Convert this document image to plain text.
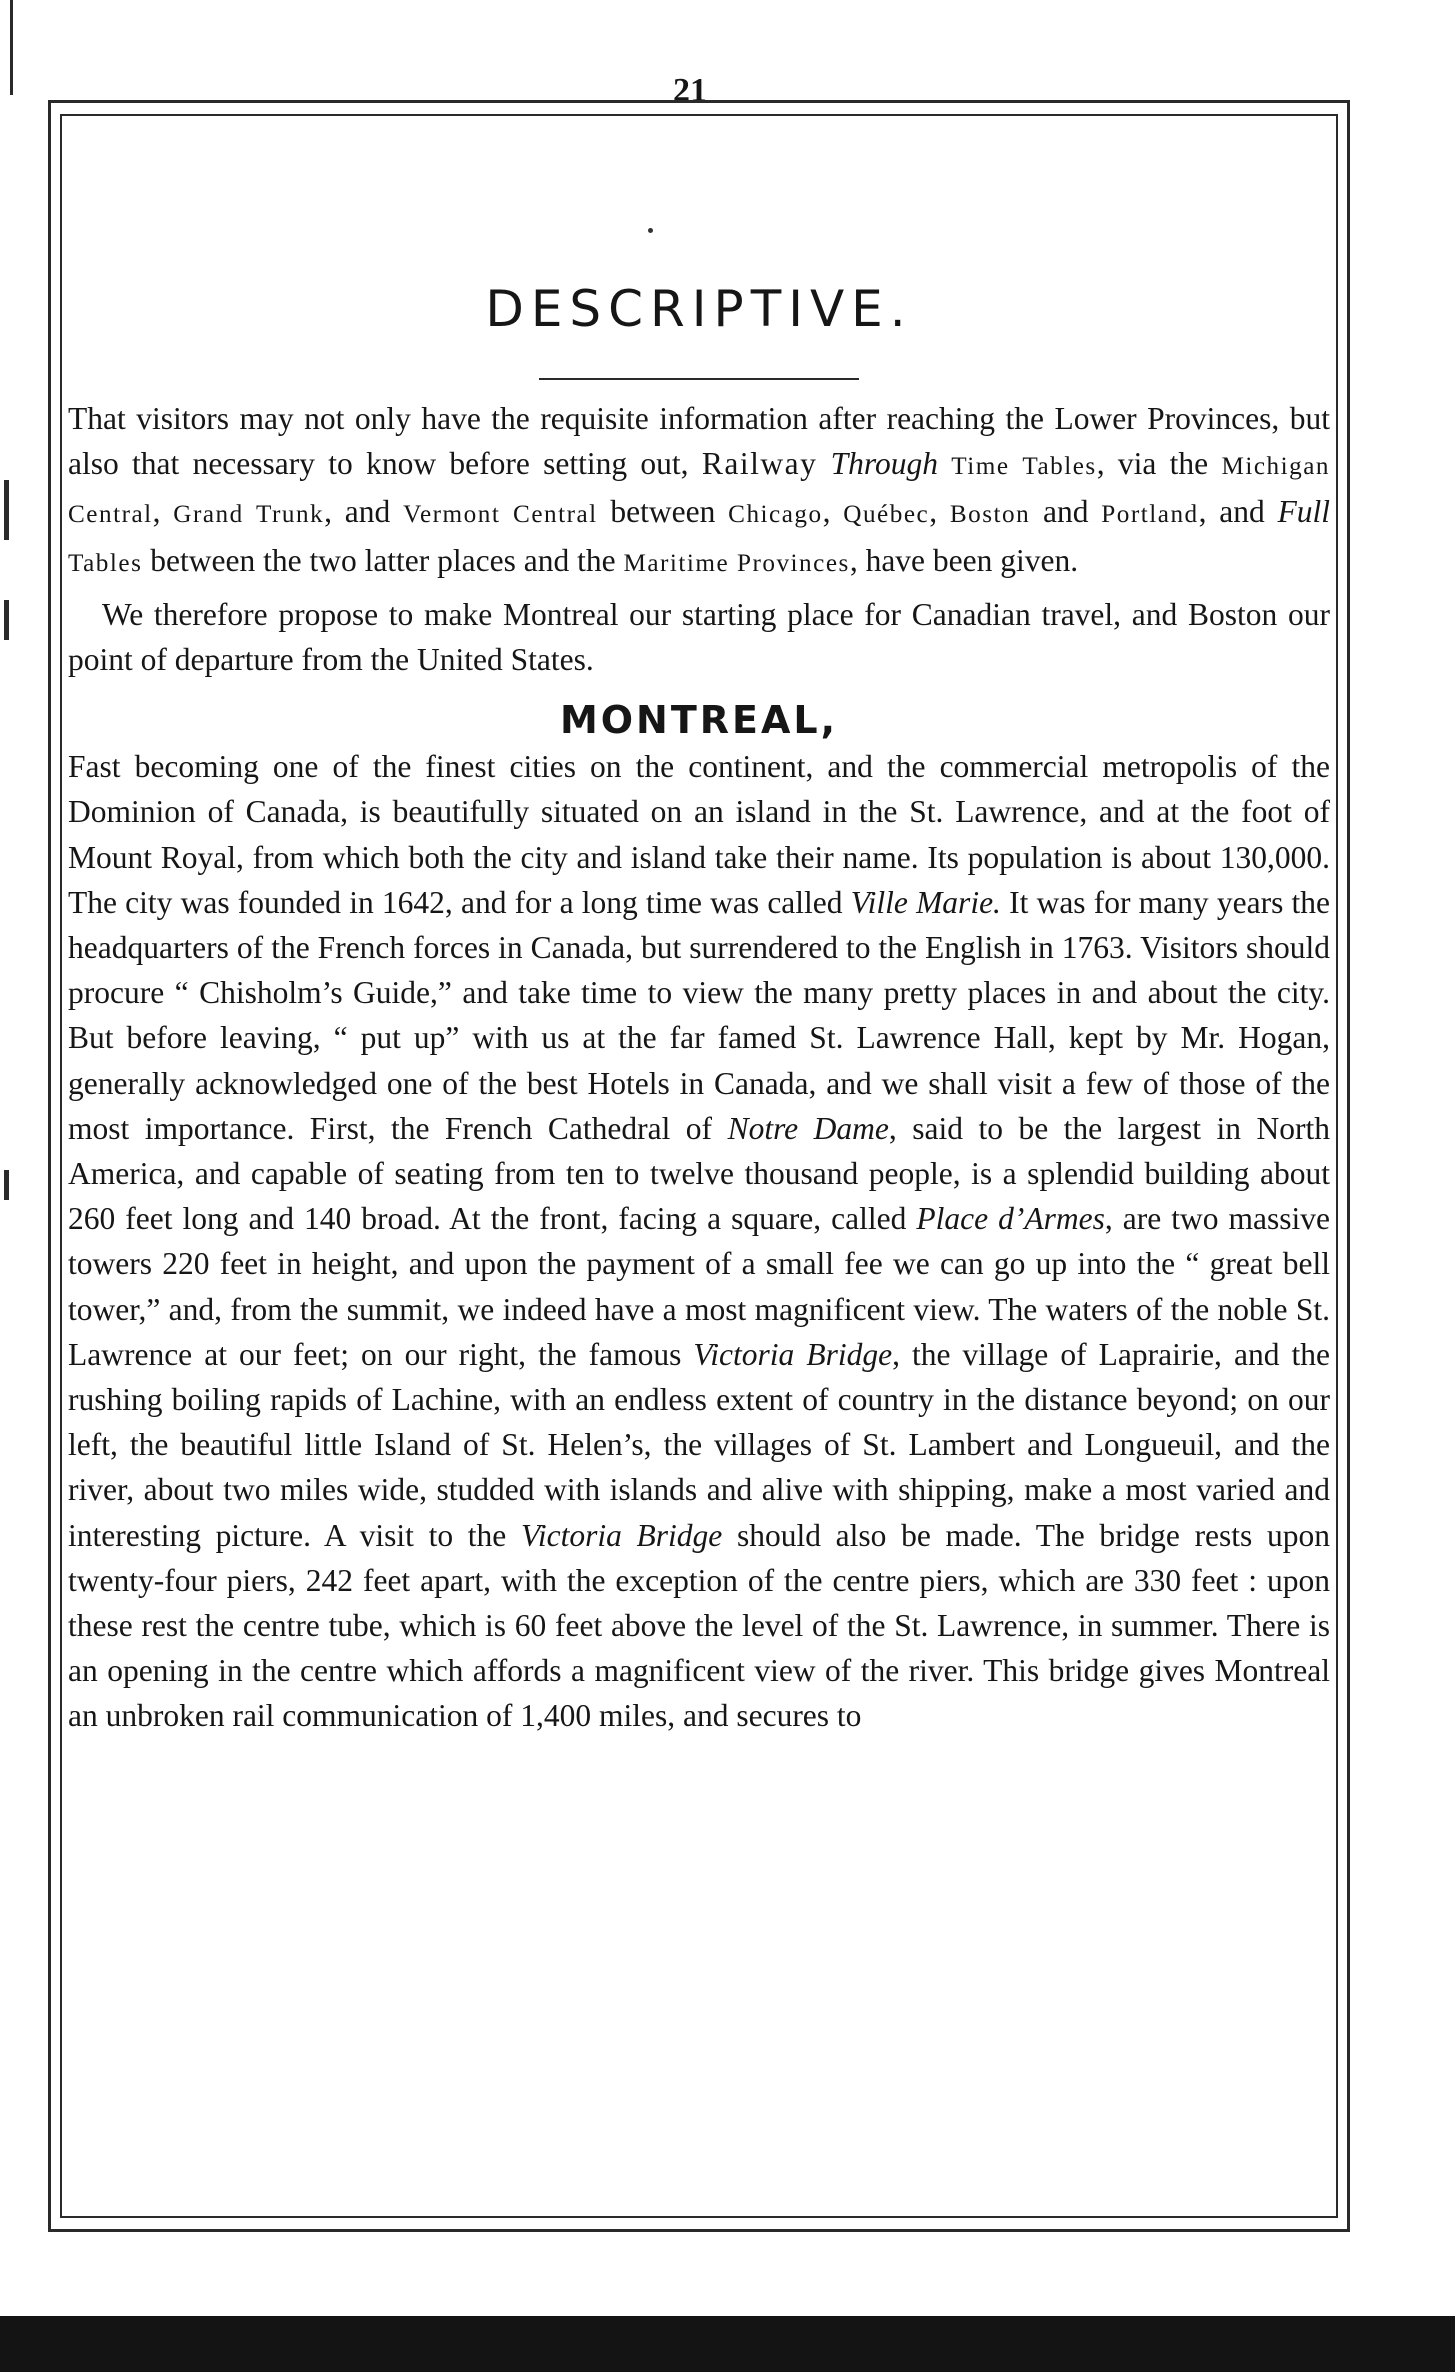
21
DESCRIPTIVE.

That visitors may not only have the requisite information after reaching the Lower Provinces, but also that necessary to know before setting out, Railway Through Time Tables, via the Michigan Central, Grand Trunk, and Vermont Central between Chicago, Québec, Boston and Portland, and Full Tables between the two latter places and the Maritime Provinces, have been given.

We therefore propose to make Montreal our starting place for Canadian travel, and Boston our point of departure from the United States.

MONTREAL,

Fast becoming one of the finest cities on the continent, and the commercial metropolis of the Dominion of Canada, is beautifully situated on an island in the St. Lawrence, and at the foot of Mount Royal, from which both the city and island take their name. Its population is about 130,000. The city was founded in 1642, and for a long time was called Ville Marie. It was for many years the headquarters of the French forces in Canada, but surrendered to the English in 1763. Visitors should procure “ Chisholm’s Guide,” and take time to view the many pretty places in and about the city. But before leaving, “ put up” with us at the far famed St. Lawrence Hall, kept by Mr. Hogan, generally acknowledged one of the best Hotels in Canada, and we shall visit a few of those of the most importance. First, the French Cathedral of Notre Dame, said to be the largest in North America, and capable of seating from ten to twelve thousand people, is a splendid building about 260 feet long and 140 broad. At the front, facing a square, called Place d’Armes, are two massive towers 220 feet in height, and upon the payment of a small fee we can go up into the “ great bell tower,” and, from the summit, we indeed have a most magnificent view. The waters of the noble St. Lawrence at our feet; on our right, the famous Victoria Bridge, the village of Laprairie, and the rushing boiling rapids of Lachine, with an endless extent of country in the distance beyond; on our left, the beautiful little Island of St. Helen’s, the villages of St. Lambert and Longueuil, and the river, about two miles wide, studded with islands and alive with shipping, make a most varied and interesting picture. A visit to the Victoria Bridge should also be made. The bridge rests upon twenty-four piers, 242 feet apart, with the exception of the centre piers, which are 330 feet : upon these rest the centre tube, which is 60 feet above the level of the St. Lawrence, in summer. There is an opening in the centre which affords a magnificent view of the river. This bridge gives Montreal an unbroken rail communication of 1,400 miles, and secures to
